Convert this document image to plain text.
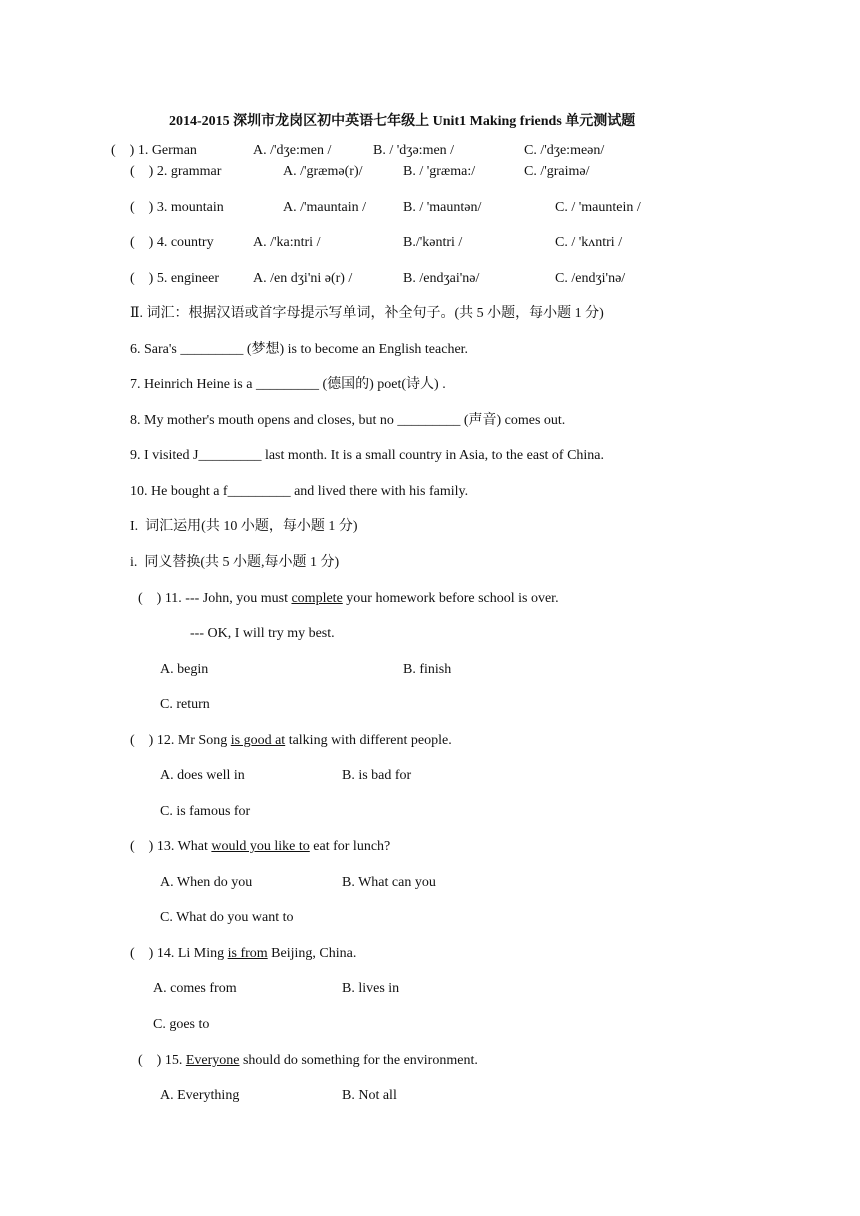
2014-2015 深圳市龙岗区初中英语七年级上 Unit1 Making friends 单元测试题
(    ) 1. German	A. /'dʒe:men /	B. / 'dʒə:men /	C. /'dʒe:meən/
(    ) 2. grammar	A. /'græmə(r)/	B. / 'græma:/	C. /'graimə/
(    ) 3. mountain	A. /'mauntain /	B. / 'mauntən/	C. / 'mauntein /
(    ) 4. country	A. /'ka:ntri /	B./'kəntri /	C. / 'kʌntri /
(    ) 5. engineer A. /en dʒi'ni ə(r) /	B. /endʒai'nə/	C. /endʒi'nə/
Ⅱ. 词汇：根据汉语或首字母提示写单词，补全句子。(共 5 小题，每小题 1 分)
6. Sara's _________ (梦想) is to become an English teacher.
7. Heinrich Heine is a _________ (德国的) poet(诗人) .
8. My mother's mouth opens and closes, but no _________ (声音) comes out.
9. I visited J_________ last month. It is a small country in Asia, to the east of China.
10. He bought a f_________ and lived there with his family.
I.  词汇运用(共 10 小题，每小题 1 分)
i.  同义替换(共 5 小题,每小题 1 分)
(    ) 11. --- John, you must complete your homework before school is over.
--- OK, I will try my best.
A. begin	B. finish
C. return
(    ) 12. Mr Song is good at talking with different people.
A. does well in	B. is bad for
C. is famous for
(    ) 13. What would you like to eat for lunch?
A. When do you	B. What can you
C. What do you want to
(    ) 14. Li Ming is from Beijing, China.
A. comes from	B. lives in
C. goes to
(    ) 15. Everyone should do something for the environment.
A. Everything	B. Not all
